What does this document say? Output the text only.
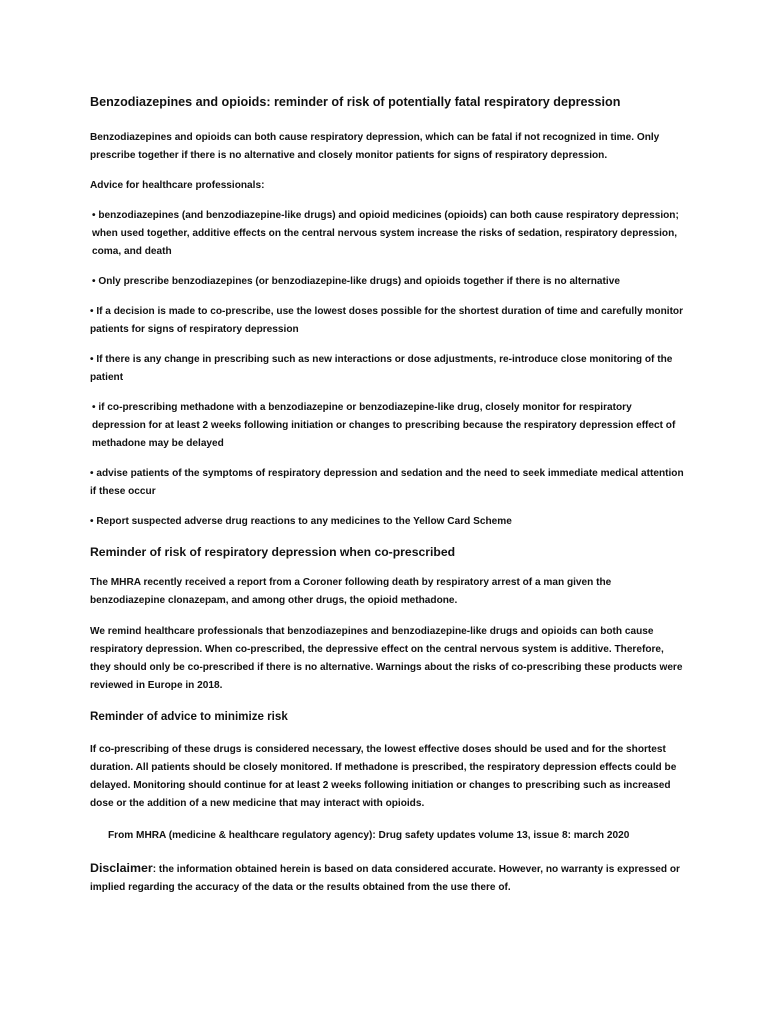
Benzodiazepines and opioids: reminder of risk of potentially fatal respiratory depression

Benzodiazepines and opioids can both cause respiratory depression, which can be fatal if not recognized in time. Only prescribe together if there is no alternative and closely monitor patients for signs of respiratory depression.

Advice for healthcare professionals:

• benzodiazepines (and benzodiazepine-like drugs) and opioid medicines (opioids) can both cause respiratory depression; when used together, additive effects on the central nervous system increase the risks of sedation, respiratory depression, coma, and death

• Only prescribe benzodiazepines (or benzodiazepine-like drugs) and opioids together if there is no alternative

• If a decision is made to co-prescribe, use the lowest doses possible for the shortest duration of time and carefully monitor patients for signs of respiratory depression

• If there is any change in prescribing such as new interactions or dose adjustments, re-introduce close monitoring of the patient

• if co-prescribing methadone with a benzodiazepine or benzodiazepine-like drug, closely monitor for respiratory depression for at least 2 weeks following initiation or changes to prescribing because the respiratory depression effect of methadone may be delayed

• advise patients of the symptoms of respiratory depression and sedation and the need to seek immediate medical attention if these occur

• Report suspected adverse drug reactions to any medicines to the Yellow Card Scheme

Reminder of risk of respiratory depression when co-prescribed

The MHRA recently received a report from a Coroner following death by respiratory arrest of a man given the benzodiazepine clonazepam, and among other drugs, the opioid methadone.

We remind healthcare professionals that benzodiazepines and benzodiazepine-like drugs and opioids can both cause respiratory depression. When co-prescribed, the depressive effect on the central nervous system is additive. Therefore, they should only be co-prescribed if there is no alternative. Warnings about the risks of co-prescribing these products were reviewed in Europe in 2018.

Reminder of advice to minimize risk

If co-prescribing of these drugs is considered necessary, the lowest effective doses should be used and for the shortest duration. All patients should be closely monitored. If methadone is prescribed, the respiratory depression effects could be delayed. Monitoring should continue for at least 2 weeks following initiation or changes to prescribing such as increased dose or the addition of a new medicine that may interact with opioids.

From MHRA (medicine & healthcare regulatory agency): Drug safety updates volume 13, issue 8: march 2020

Disclaimer: the information obtained herein is based on data considered accurate. However, no warranty is expressed or implied regarding the accuracy of the data or the results obtained from the use there of.
